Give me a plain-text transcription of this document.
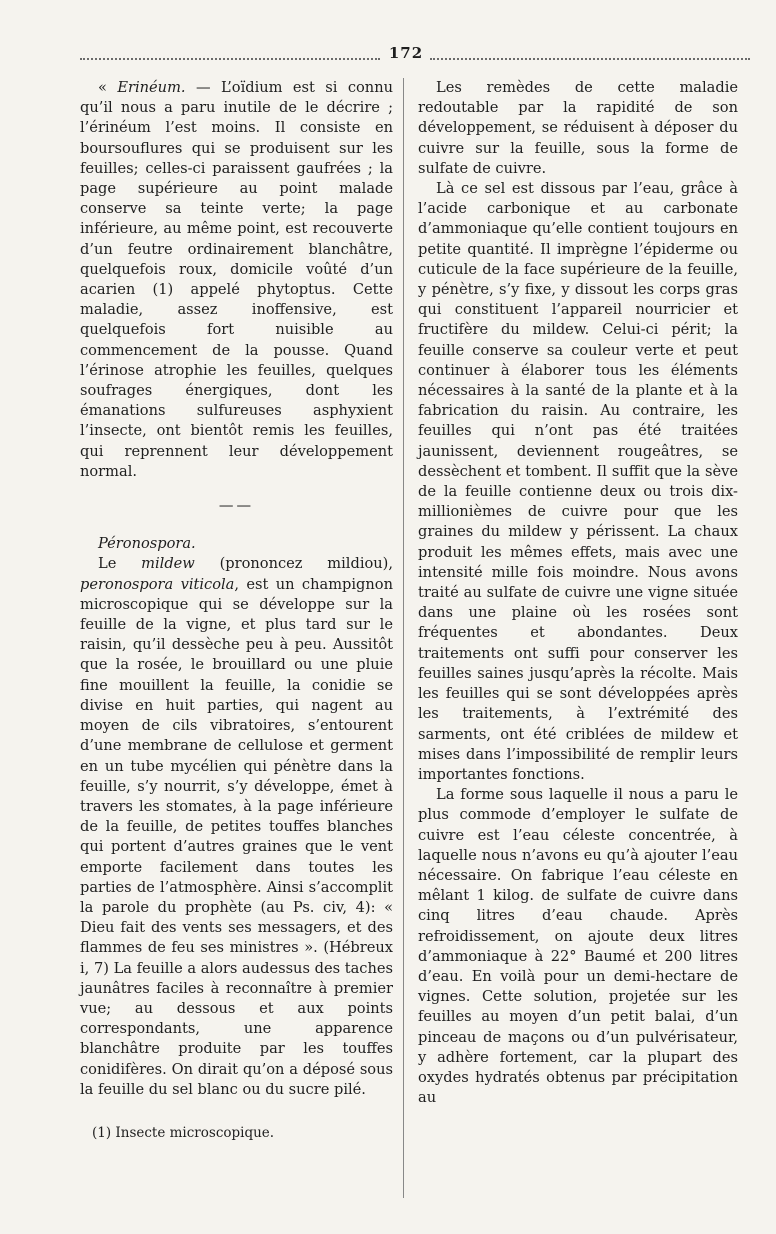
172

« Erinéum. — L’oïdium est si connu qu’il nous a paru inutile de le décrire ; l’érinéum l’est moins. Il consiste en boursouflures qui se produisent sur les feuilles; celles-ci paraissent gaufrées ; la page supérieure au point malade conserve sa teinte verte; la page inférieure, au même point, est recouverte d’un feutre ordinairement blanchâtre, quelquefois roux, domicile voûté d’un acarien (1) appelé phytoptus. Cette maladie, assez inoffensive, est quelquefois fort nuisible au commencement de la pousse. Quand l’érinose atrophie les feuilles, quelques soufrages énergiques, dont les émanations sulfureuses asphyxient l’insecte, ont bientôt remis les feuilles, qui reprennent leur développement normal.

——

Péronospora.

Le mildew (prononcez mildiou), peronospora viticola, est un champignon microscopique qui se développe sur la feuille de la vigne, et plus tard sur le raisin, qu’il dessèche peu à peu. Aussitôt que la rosée, le brouillard ou une pluie fine mouillent la feuille, la conidie se divise en huit parties, qui nagent au moyen de cils vibratoires, s’entourent d’une membrane de cellulose et germent en un tube mycélien qui pénètre dans la feuille, s’y nourrit, s’y développe, émet à travers les stomates, à la page inférieure de la feuille, de petites touffes blanches qui portent d’autres graines que le vent emporte facilement dans toutes les parties de l’atmosphère. Ainsi s’accomplit la parole du prophète (au Ps. civ, 4): « Dieu fait des vents ses messagers, et des flammes de feu ses ministres ». (Hébreux i, 7) La feuille a alors audessus des taches jaunâtres faciles à reconnaître à premier vue; au dessous et aux points correspondants, une apparence blanchâtre produite par les touffes conidifères. On dirait qu’on a déposé sous la feuille du sel blanc ou du sucre pilé.

Les remèdes de cette maladie redoutable par la rapidité de son développement, se réduisent à déposer du cuivre sur la feuille, sous la forme de sulfate de cuivre.

Là ce sel est dissous par l’eau, grâce à l’acide carbonique et au carbonate d’ammoniaque qu’elle contient toujours en petite quantité. Il imprègne l’épiderme ou cuticule de la face supérieure de la feuille, y pénètre, s’y fixe, y dissout les corps gras qui constituent l’appareil nourricier et fructifère du mildew. Celui-ci périt; la feuille conserve sa couleur verte et peut continuer à élaborer tous les éléments nécessaires à la santé de la plante et à la fabrication du raisin. Au contraire, les feuilles qui n’ont pas été traitées jaunissent, deviennent rougeâtres, se dessèchent et tombent. Il suffit que la sève de la feuille contienne deux ou trois dix-millionièmes de cuivre pour que les graines du mildew y périssent. La chaux produit les mêmes effets, mais avec une intensité mille fois moindre. Nous avons traité au sulfate de cuivre une vigne située dans une plaine où les rosées sont fréquentes et abondantes. Deux traitements ont suffi pour conserver les feuilles saines jusqu’après la récolte. Mais les feuilles qui se sont développées après les traitements, à l’extrémité des sarments, ont été criblées de mildew et mises dans l’impossibilité de remplir leurs importantes fonctions.

La forme sous laquelle il nous a paru le plus commode d’employer le sulfate de cuivre est l’eau céleste concentrée, à laquelle nous n’avons eu qu’à ajouter l’eau nécessaire. On fabrique l’eau céleste en mêlant 1 kilog. de sulfate de cuivre dans cinq litres d’eau chaude. Après refroidissement, on ajoute deux litres d’ammoniaque à 22° Baumé et 200 litres d’eau. En voilà pour un demi-hectare de vignes. Cette solution, projetée sur les feuilles au moyen d’un petit balai, d’un pinceau de maçons ou d’un pulvérisateur, y adhère fortement, car la plupart des oxydes hydratés obtenus par précipitation au

(1) Insecte microscopique.
